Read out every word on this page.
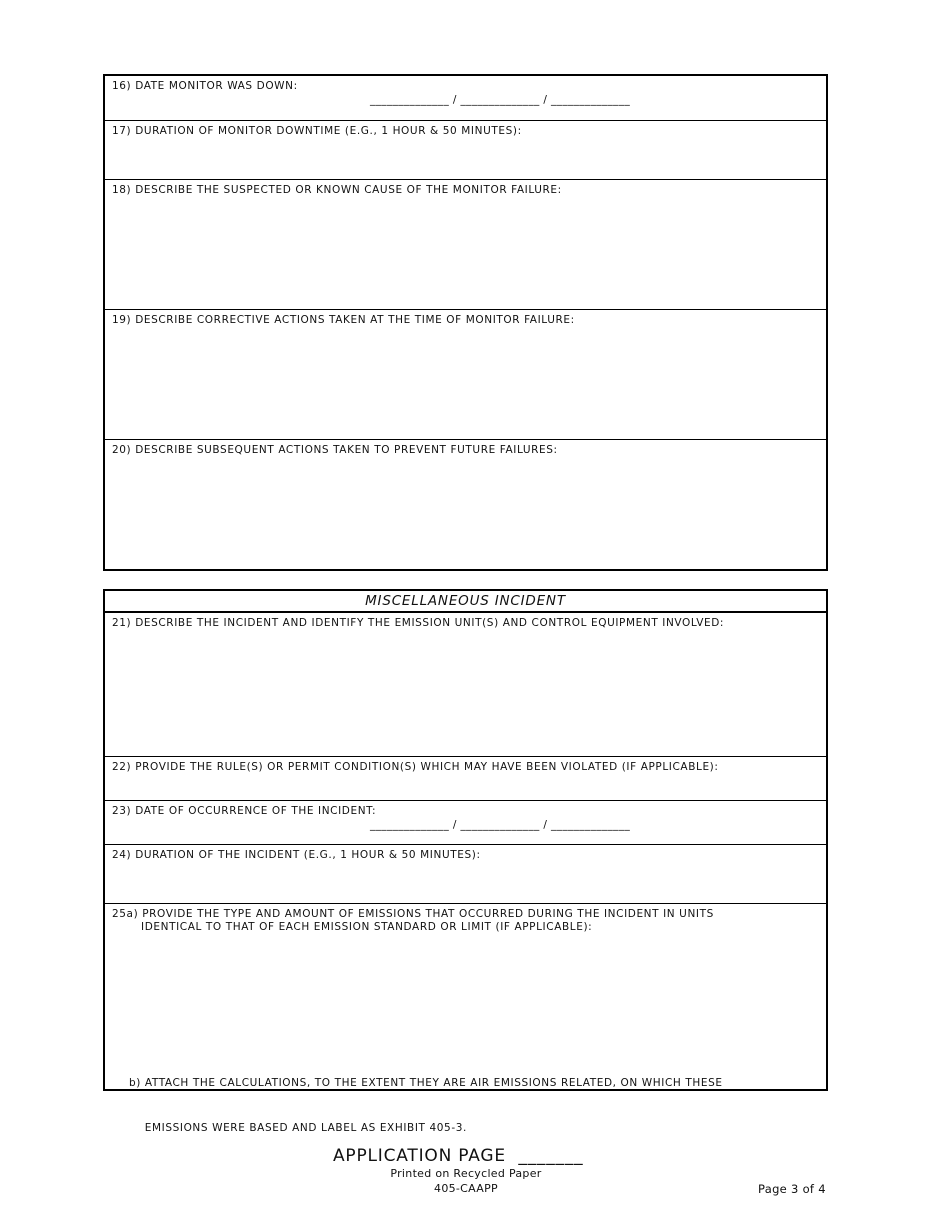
16) DATE MONITOR WAS DOWN:
______________ / ______________ / ______________
17) DURATION OF MONITOR DOWNTIME (E.G., 1 HOUR & 50 MINUTES):
18) DESCRIBE THE SUSPECTED OR KNOWN CAUSE OF THE MONITOR FAILURE:
19) DESCRIBE CORRECTIVE ACTIONS TAKEN AT THE TIME OF MONITOR FAILURE:
20) DESCRIBE SUBSEQUENT ACTIONS TAKEN TO PREVENT FUTURE FAILURES:
MISCELLANEOUS INCIDENT
21) DESCRIBE THE INCIDENT AND IDENTIFY THE EMISSION UNIT(S) AND CONTROL EQUIPMENT INVOLVED:
22) PROVIDE THE RULE(S) OR PERMIT CONDITION(S) WHICH MAY HAVE BEEN VIOLATED (IF APPLICABLE):
23) DATE OF OCCURRENCE OF THE INCIDENT:
______________ / ______________ / ______________
24) DURATION OF THE INCIDENT (E.G., 1 HOUR & 50 MINUTES):
25a) PROVIDE THE TYPE AND AMOUNT OF EMISSIONS THAT OCCURRED DURING THE INCIDENT IN UNITS
IDENTICAL TO THAT OF EACH EMISSION STANDARD OR LIMIT (IF APPLICABLE):

b) ATTACH THE CALCULATIONS, TO THE EXTENT THEY ARE AIR EMISSIONS RELATED, ON WHICH THESE

EMISSIONS WERE BASED AND LABEL AS EXHIBIT 405-3.

APPLICATION PAGE  _______
Printed on Recycled Paper
405-CAAPP	Page 3 of 4
